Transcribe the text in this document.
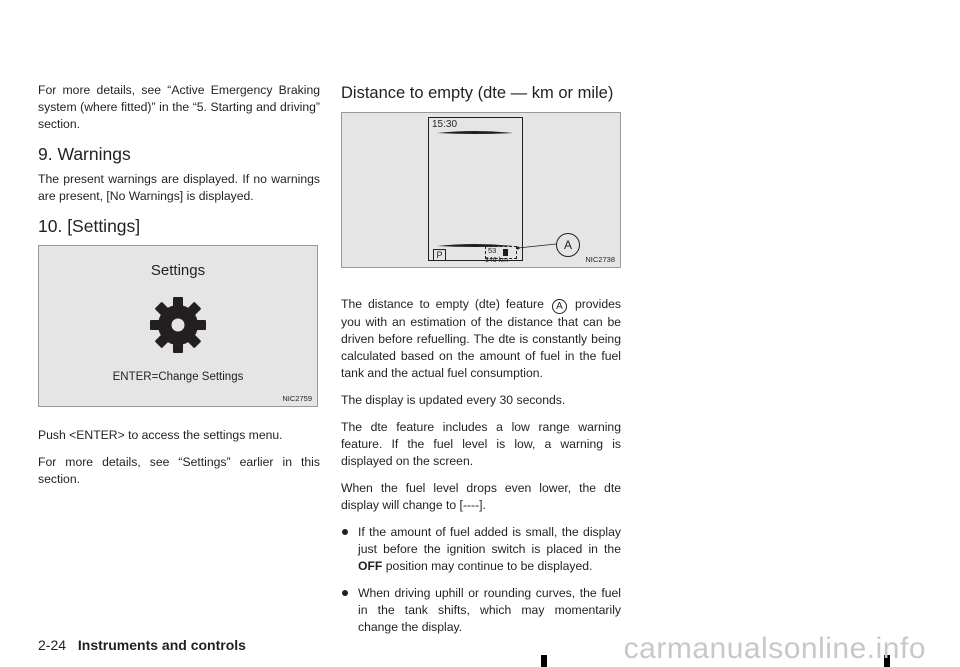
For more details, see “Active Emergency Braking system (where fitted)” in the “5. Starting and driving” section.

9. Warnings

The present warnings are displayed. If no warnings are present, [No Warnings] is displayed.

10. [Settings]
Settings
ENTER=Change Settings
NIC2759

Push <ENTER> to access the settings menu.

For more details, see “Settings” earlier in this section.

Distance to empty (dte — km or mile)
15:30
P	53
346 km
A
NIC2738

The distance to empty (dte) feature A provides you with an estimation of the distance that can be driven before refuelling. The dte is constantly being calculated based on the amount of fuel in the fuel tank and the actual fuel consumption.

The display is updated every 30 seconds.

The dte feature includes a low range warning feature. If the fuel level is low, a warning is displayed on the screen.

When the fuel level drops even lower, the dte display will change to [----].

If the amount of fuel added is small, the display just before the ignition switch is placed in the OFF position may continue to be displayed.
When driving uphill or rounding curves, the fuel in the tank shifts, which may momentarily change the display.
2-24 Instruments and controls	carmanualsonline.info
